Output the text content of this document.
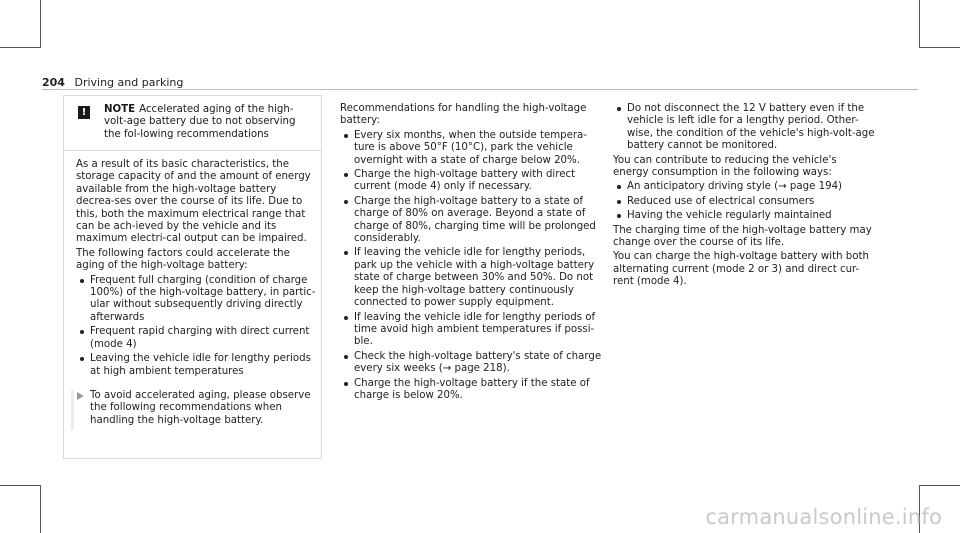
204 Driving and parking
!	NOTE Accelerated aging of the high-volt-age battery due to not observing the fol-lowing recommendations

As a result of its basic characteristics, the storage capacity of and the amount of energy available from the high-voltage battery decrea-ses over the course of its life. Due to this, both the maximum electrical range that can be ach-ieved by the vehicle and its maximum electri-cal output can be impaired.

The following factors could accelerate the aging of the high-voltage battery:

Frequent full charging (condition of charge 100%) of the high-voltage battery, in partic-ular without subsequently driving directly afterwards
Frequent rapid charging with direct current (mode 4)
Leaving the vehicle idle for lengthy periods at high ambient temperatures
To avoid accelerated aging, please observe the following recommendations when handling the high-voltage battery.

Recommendations for handling the high-voltage battery:

Every six months, when the outside tempera-ture is above 50°F (10°C), park the vehicle overnight with a state of charge below 20%.
Charge the high-voltage battery with direct current (mode 4) only if necessary.
Charge the high-voltage battery to a state of charge of 80% on average. Beyond a state of charge of 80%, charging time will be prolonged considerably.
If leaving the vehicle idle for lengthy periods, park up the vehicle with a high-voltage battery state of charge between 30% and 50%. Do not keep the high-voltage battery continuously connected to power supply equipment.
If leaving the vehicle idle for lengthy periods of time avoid high ambient temperatures if possi-ble.
Check the high-voltage battery's state of charge every six weeks (→ page 218).
Charge the high-voltage battery if the state of charge is below 20%.
Do not disconnect the 12 V battery even if the vehicle is left idle for a lengthy period. Other-wise, the condition of the vehicle's high-volt-age battery cannot be monitored.

You can contribute to reducing the vehicle's energy consumption in the following ways:

An anticipatory driving style (→ page 194)
Reduced use of electrical consumers
Having the vehicle regularly maintained

The charging time of the high-voltage battery may change over the course of its life.

You can charge the high-voltage battery with both alternating current (mode 2 or 3) and direct cur-rent (mode 4).

carmanualsonline.info
